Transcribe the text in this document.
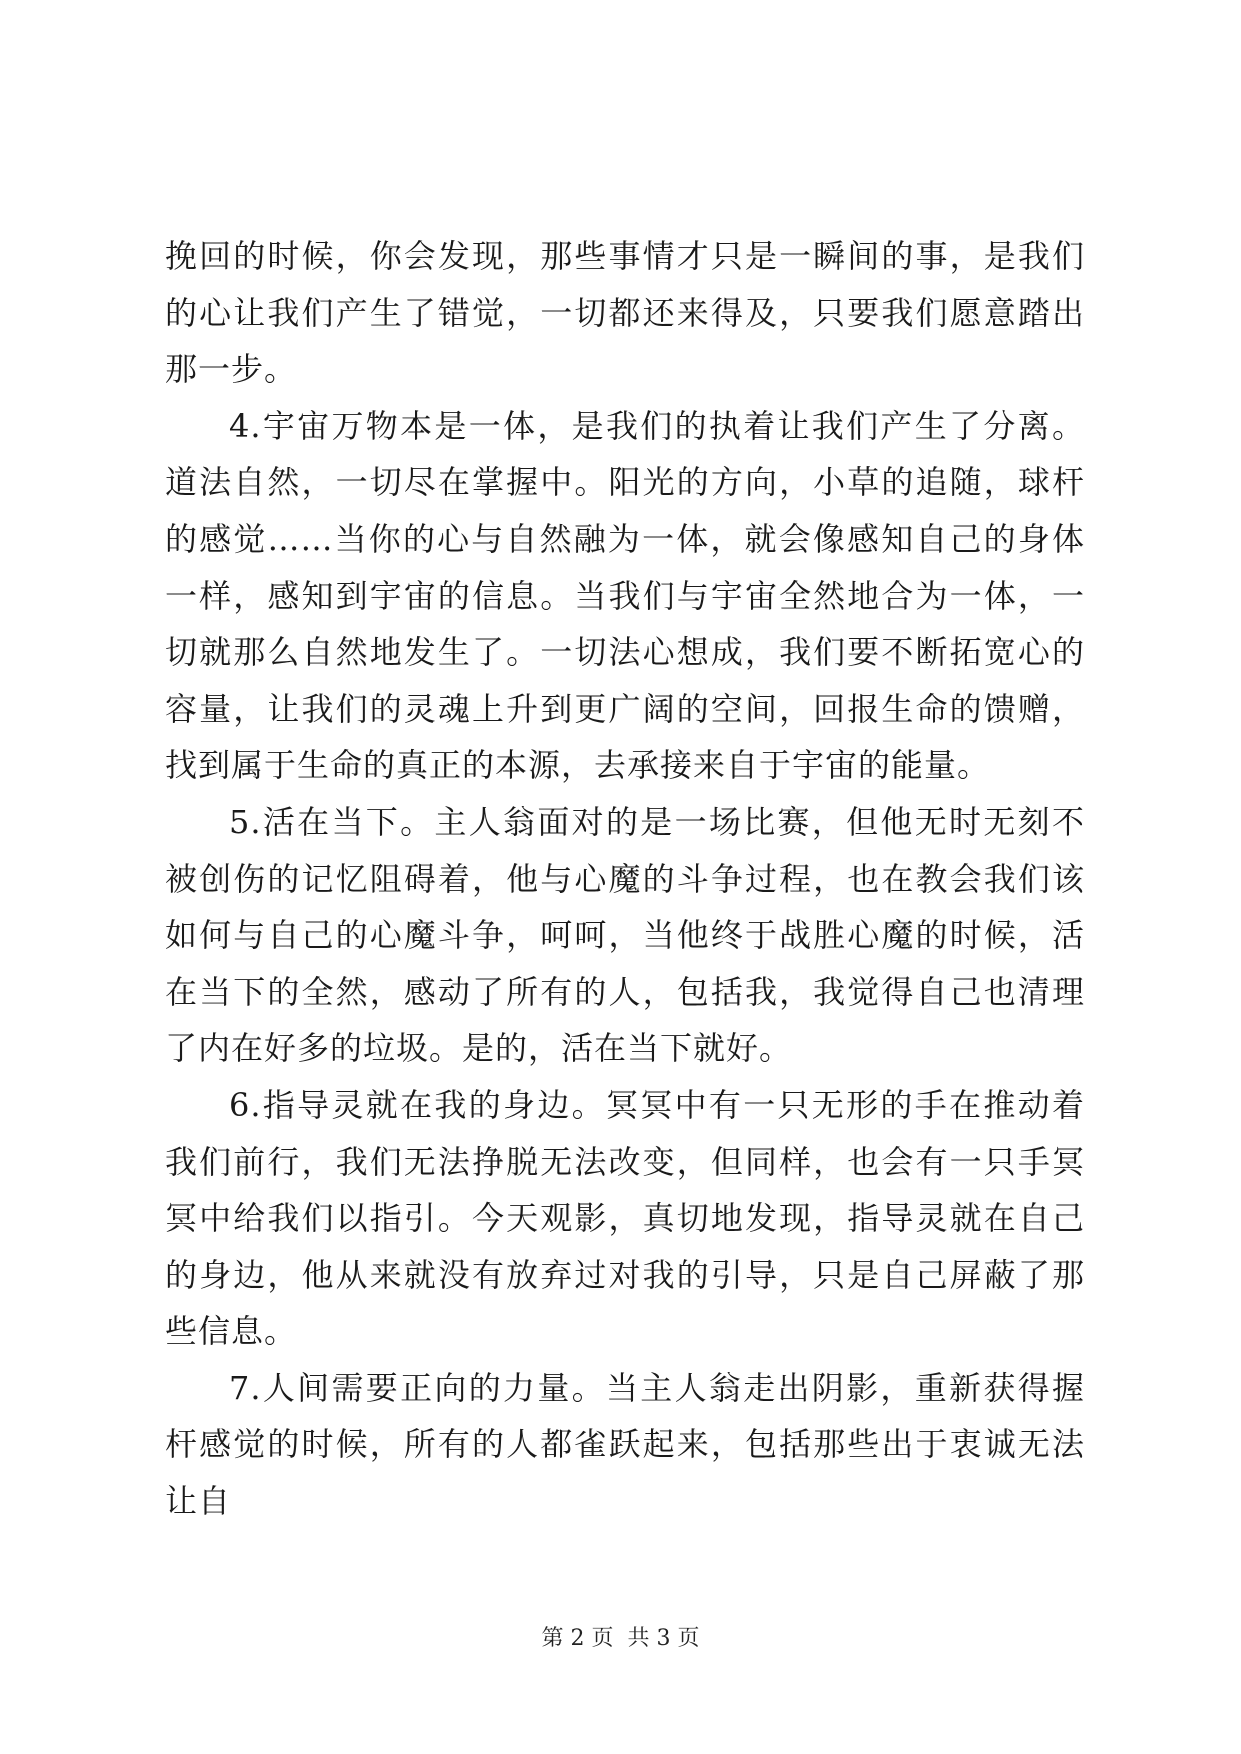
挽回的时候，你会发现，那些事情才只是一瞬间的事，是我们的心让我们产生了错觉，一切都还来得及，只要我们愿意踏出那一步。

4.宇宙万物本是一体，是我们的执着让我们产生了分离。道法自然，一切尽在掌握中。阳光的方向，小草的追随，球杆的感觉……当你的心与自然融为一体，就会像感知自己的身体一样，感知到宇宙的信息。当我们与宇宙全然地合为一体，一切就那么自然地发生了。一切法心想成，我们要不断拓宽心的容量，让我们的灵魂上升到更广阔的空间，回报生命的馈赠，找到属于生命的真正的本源，去承接来自于宇宙的能量。

5.活在当下。主人翁面对的是一场比赛，但他无时无刻不被创伤的记忆阻碍着，他与心魔的斗争过程，也在教会我们该如何与自己的心魔斗争，呵呵，当他终于战胜心魔的时候，活在当下的全然，感动了所有的人，包括我，我觉得自己也清理了内在好多的垃圾。是的，活在当下就好。

6.指导灵就在我的身边。冥冥中有一只无形的手在推动着我们前行，我们无法挣脱无法改变，但同样，也会有一只手冥冥中给我们以指引。今天观影，真切地发现，指导灵就在自己的身边，他从来就没有放弃过对我的引导，只是自己屏蔽了那些信息。

7.人间需要正向的力量。当主人翁走出阴影，重新获得握杆感觉的时候，所有的人都雀跃起来，包括那些出于衷诚无法让自

第 2 页 共 3 页
